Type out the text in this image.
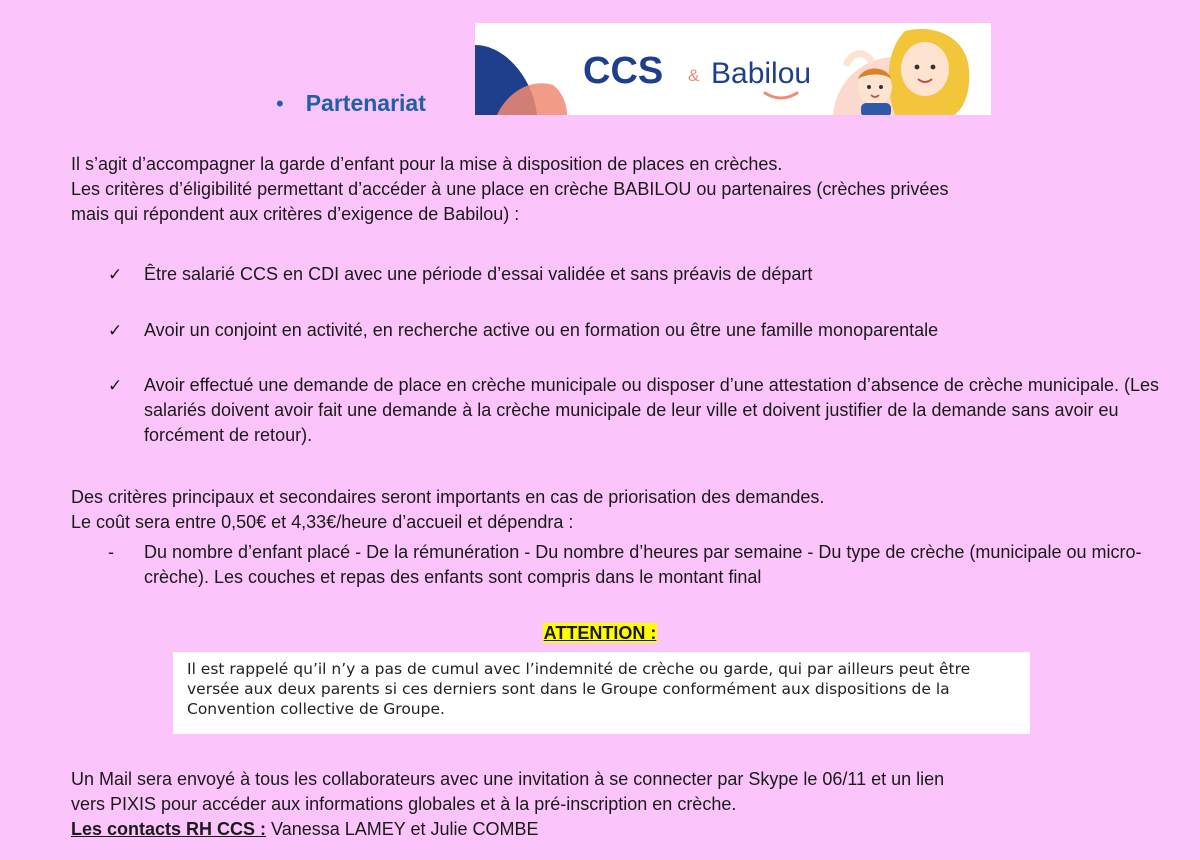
• Partenariat
CCS & Babilou
Il s’agit d’accompagner la garde d’enfant pour la mise à disposition de places en crèches.
Les critères d’éligibilité permettant d’accéder à une place en crèche BABILOU ou partenaires (crèches privées
mais qui répondent aux critères d’exigence de Babilou) :
✓	Être salarié CCS en CDI avec une période d’essai validée et sans préavis de départ
✓	Avoir un conjoint en activité, en recherche active ou en formation ou être une famille monoparentale
✓	Avoir effectué une demande de place en crèche municipale ou disposer d’une attestation d’absence de crèche municipale. (Les salariés doivent avoir fait une demande à la crèche municipale de leur ville et doivent justifier de la demande sans avoir eu forcément de retour).
Des critères principaux et secondaires seront importants en cas de priorisation des demandes.
Le coût sera entre 0,50€ et 4,33€/heure d’accueil et dépendra :
-	Du nombre d’enfant placé - De la rémunération - Du nombre d’heures par semaine - Du type de crèche (municipale ou micro-crèche). Les couches et repas des enfants sont compris dans le montant final
ATTENTION :
Il est rappelé qu’il n’y a pas de cumul avec l’indemnité de crèche ou garde, qui par ailleurs peut être versée aux deux parents si ces derniers sont dans le Groupe conformément aux dispositions de la Convention collective de Groupe.
Un Mail sera envoyé à tous les collaborateurs avec une invitation à se connecter par Skype le 06/11 et un lien
vers PIXIS pour accéder aux informations globales et à la pré-inscription en crèche.
Les contacts RH CCS : Vanessa LAMEY et Julie COMBE
